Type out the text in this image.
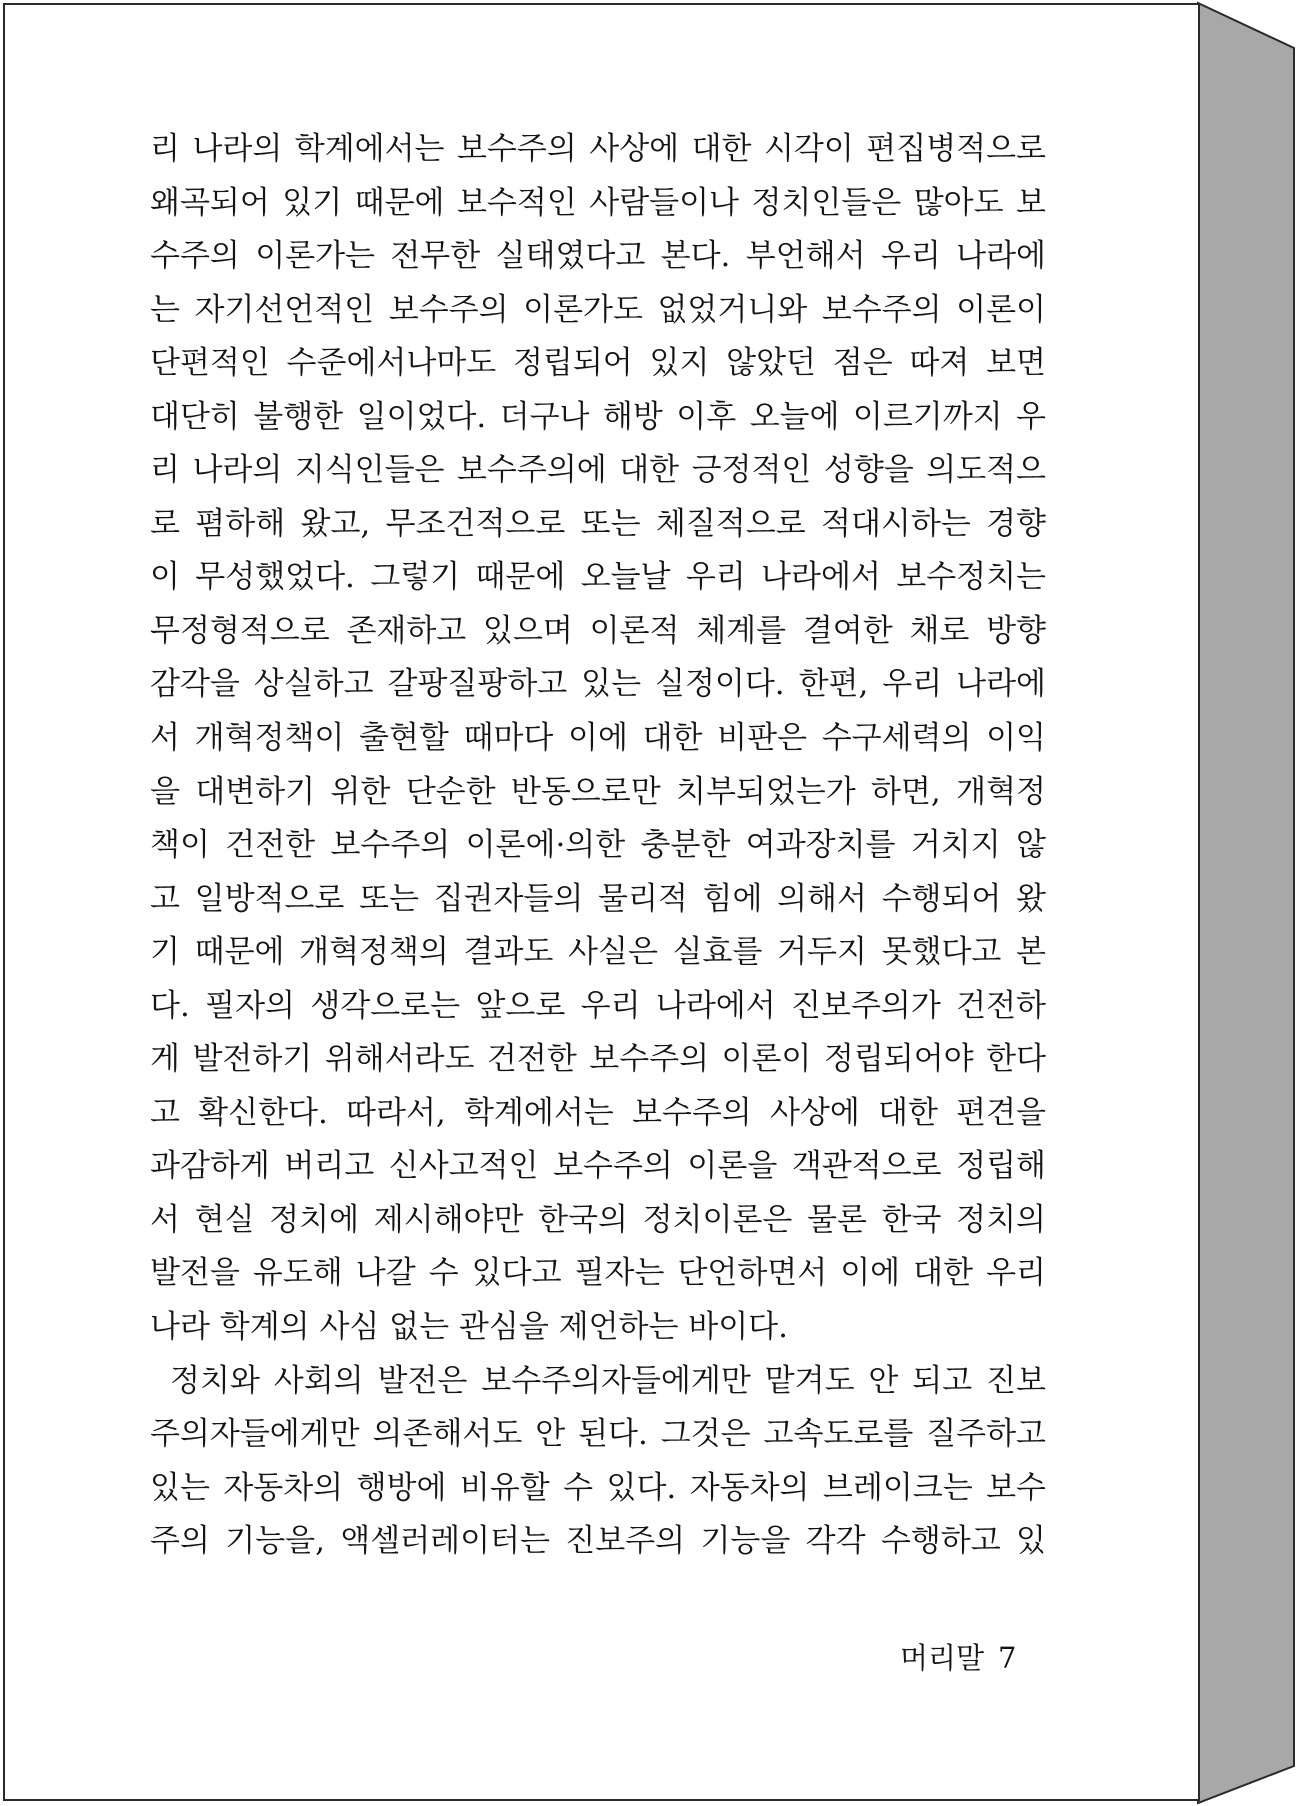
리 나라의 학계에서는 보수주의 사상에 대한 시각이 편집병적으로
왜곡되어 있기 때문에 보수적인 사람들이나 정치인들은 많아도 보
수주의 이론가는 전무한 실태였다고 본다. 부언해서 우리 나라에
는 자기선언적인 보수주의 이론가도 없었거니와 보수주의 이론이
단편적인 수준에서나마도 정립되어 있지 않았던 점은 따져 보면
대단히 불행한 일이었다. 더구나 해방 이후 오늘에 이르기까지 우
리 나라의 지식인들은 보수주의에 대한 긍정적인 성향을 의도적으
로 폄하해 왔고, 무조건적으로 또는 체질적으로 적대시하는 경향
이 무성했었다. 그렇기 때문에 오늘날 우리 나라에서 보수정치는
무정형적으로 존재하고 있으며 이론적 체계를 결여한 채로 방향
감각을 상실하고 갈팡질팡하고 있는 실정이다. 한편, 우리 나라에
서 개혁정책이 출현할 때마다 이에 대한 비판은 수구세력의 이익
을 대변하기 위한 단순한 반동으로만 치부되었는가 하면, 개혁정
책이 건전한 보수주의 이론에·의한 충분한 여과장치를 거치지 않
고 일방적으로 또는 집권자들의 물리적 힘에 의해서 수행되어 왔
기 때문에 개혁정책의 결과도 사실은 실효를 거두지 못했다고 본
다. 필자의 생각으로는 앞으로 우리 나라에서 진보주의가 건전하
게 발전하기 위해서라도 건전한 보수주의 이론이 정립되어야 한다
고 확신한다. 따라서, 학계에서는 보수주의 사상에 대한 편견을
과감하게 버리고 신사고적인 보수주의 이론을 객관적으로 정립해
서 현실 정치에 제시해야만 한국의 정치이론은 물론 한국 정치의
발전을 유도해 나갈 수 있다고 필자는 단언하면서 이에 대한 우리
나라 학계의 사심 없는 관심을 제언하는 바이다.
정치와 사회의 발전은 보수주의자들에게만 맡겨도 안 되고 진보
주의자들에게만 의존해서도 안 된다. 그것은 고속도로를 질주하고
있는 자동차의 행방에 비유할 수 있다. 자동차의 브레이크는 보수
주의 기능을, 액셀러레이터는 진보주의 기능을 각각 수행하고 있
머리말 7
